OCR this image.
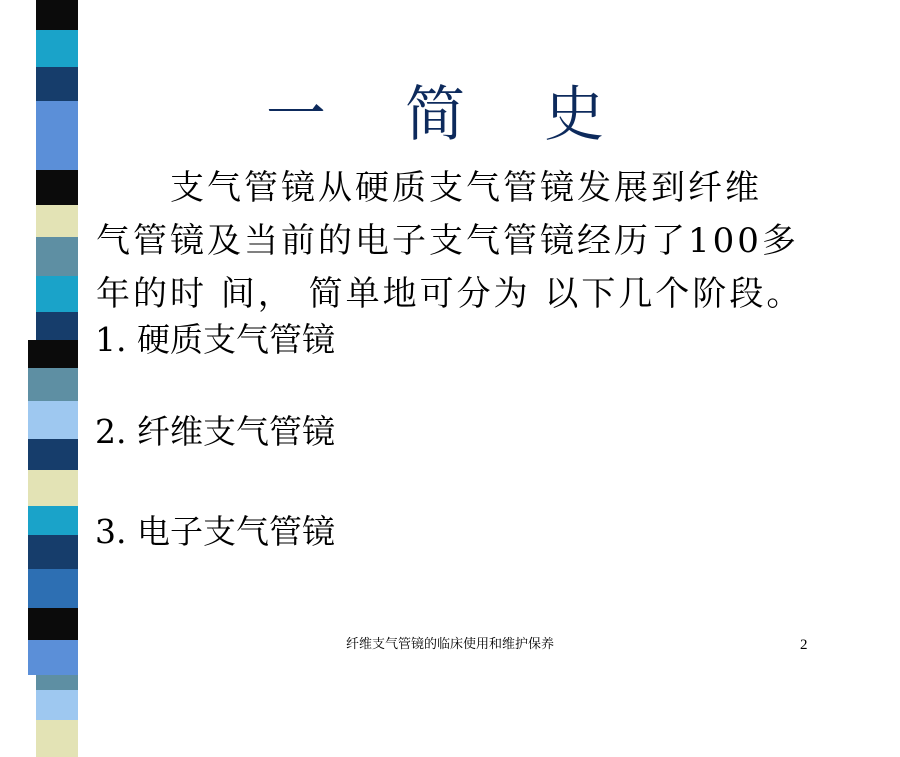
一 简 史
　　支气管镜从硬质支气管镜发展到纤维
气管镜及当前的电子支气管镜经历了100多
年的时 间， 简单地可分为 以下几个阶段。
1. 硬质支气管镜
2. 纤维支气管镜
3. 电子支气管镜
纤维支气管镜的临床使用和维护保养	2
